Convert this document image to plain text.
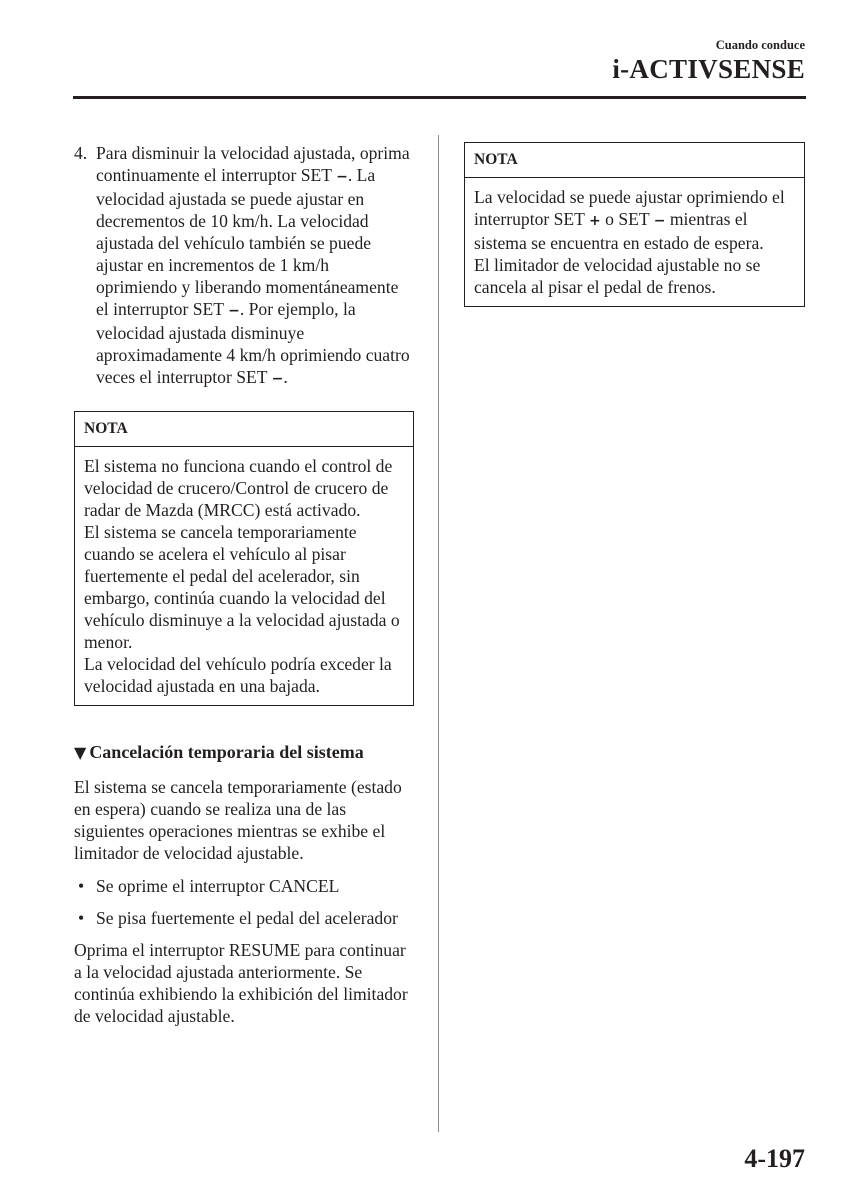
Cuando conduce
i-ACTIVSENSE

4. Para disminuir la velocidad ajustada, oprima continuamente el interruptor SET −. La velocidad ajustada se puede ajustar en decrementos de 10 km/h. La velocidad ajustada del vehículo también se puede ajustar en incrementos de 1 km/h oprimiendo y liberando momentáneamente el interruptor SET −. Por ejemplo, la velocidad ajustada disminuye aproximadamente 4 km/h oprimiendo cuatro veces el interruptor SET −.

NOTA

El sistema no funciona cuando el control de velocidad de crucero/Control de crucero de radar de Mazda (MRCC) está activado.

El sistema se cancela temporariamente cuando se acelera el vehículo al pisar fuertemente el pedal del acelerador, sin embargo, continúa cuando la velocidad del vehículo disminuye a la velocidad ajustada o menor.

La velocidad del vehículo podría exceder la velocidad ajustada en una bajada.

▼ Cancelación temporaria del sistema

El sistema se cancela temporariamente (estado en espera) cuando se realiza una de las siguientes operaciones mientras se exhibe el limitador de velocidad ajustable.

• Se oprime el interruptor CANCEL
• Se pisa fuertemente el pedal del acelerador

Oprima el interruptor RESUME para continuar a la velocidad ajustada anteriormente. Se continúa exhibiendo la exhibición del limitador de velocidad ajustable.

NOTA

La velocidad se puede ajustar oprimiendo el interruptor SET + o SET − mientras el sistema se encuentra en estado de espera.

El limitador de velocidad ajustable no se cancela al pisar el pedal de frenos.

4-197
